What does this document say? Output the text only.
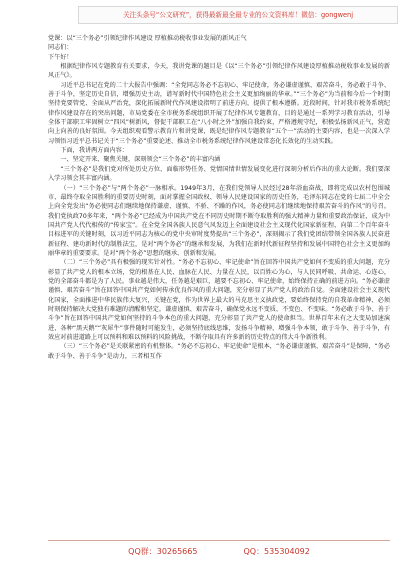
关注头条号“公文研究”，获得最新最全最专业的公文资料库！微信：gongwenj

党课：以“三个务必”引领纪律作风建设 厚植推动税收事业发展的新风正气

同志们：

下午好！

根据纪律作风专题教育有关要求，今天，我讲党课的题目是《以“三个务必”引领纪律作风建设厚植推动税收事业发展的新风正气》。

习近平总书记在党的二十大报告中强调：“全党同志务必不忘初心、牢记使命，务必谦虚谨慎、艰苦奋斗，务必敢于斗争、善于斗争，坚定历史自信，增强历史主动，谱写新时代中国特色社会主义更加绚丽的华章。”“三个务必”为当前和今后一个时期坚持党要管党、全面从严治党，深化拓展新时代作风建设指明了前进方向，提供了根本遵循。近段时间，针对我市税务系统纪律作风建设存在的突出问题，市局党委在全市税务系统组织开展了纪律作风专题教育，目的是通过一系列学习教育活动，引导全体干部职工牢固树立“四风”树新风，督促干部职工在“八小时之外”加强自我约束，严格遵规守纪，积极弘扬新风正气，营造向上向善的良好氛围。今天组织观看警示教育片和讲党课，既是纪律作风专题教育“五个一”活动的主要内容，也是一次深入学习领悟习近平总书记关于“三个务必”重要论述、推动全市税务系统纪律作风建设常态化长效化的生动实践。

下面，我讲两方面内容：

一、坚定开来、聚焦关键，深刻领会“三个务必”的丰富内涵

“三个务必”是我们党对所处历史方位、面临形势任务、党情国情世情发展变化进行深刻分析后作出的重大论断。我们要深入学习领会其丰富内涵。

（一）“三个务必”与“两个务必”一脉相承。1949年3月，在我们党领导人民经过28年浴血奋战，即将完成以农村包围城市、最终夺取全国胜利的重要历史时刻，面对掌握全国政权、领导人民建设国家的历史任务，毛泽东同志在党的七届二中全会上向全党发出“务必使同志们继续地保持谦虚、谨慎、不骄、不躁的作风，务必使同志们继续地保持艰苦奋斗的作风”的号召。我们党执政70多年来，“两个务必”已经成为中国共产党在不同历史时期不断夺取胜利的强大精神力量和重要政治保证，成为中国共产党人代代相传的“传家宝”。在全党全国各族人民意气风发迈上全面建设社会主义现代化国家新征程、向第二个百年奋斗目标进军的关键时刻，以习近平同志为核心的党中央审时度势提出“三个务必”，深刻揭示了我们党团结带领全国各族人民奋进新征程、建功新时代的制胜法宝，是对“两个务必”的继承和发展，为我们在新时代新征程坚持和发展中国特色社会主义更加绚丽华章的重要要求。是对“两个务必”思想的继承、创新和发展。

（二）“三个务必”具有极强的现实针对性。“务必不忘初心、牢记使命”旨在回答中国共产党如何不变质的重大问题，充分彰显了共产党人的根本立场，党的根基在人民、血脉在人民、力量在人民，以百姓心为心，与人民同呼吸、共命运、心连心，党的全部奋斗都是为了人民。事业越是伟大，任务越是艰巨，越要不忘初心、牢记使命，始终保持正确的前进方向。“务必谦虚谨慎、艰苦奋斗”旨在回答中国共产党如何传承优良作风的重大问题，充分彰显了共产党人的政治自觉。全面建设社会主义现代化国家，全面推进中华民族伟大复兴，关键在党，作为世界上最大的马克思主义执政党，要始终保持党的自我革命精神、必须时刻保持解决大党独有难题的清醒和坚定。谦虚谨慎、艰苦奋斗，确保党永远不变质、不变色、不变味。“务必敢于斗争、善于斗争”旨在回答中国共产党如何坚持的斗争本色的重大问题，充分彰显了共产党人的使命担当。世界百年未有之大变局加速演进，各种“黑天鹅”“灰犀牛”事件随时可能发生，必须坚持底线思维，发扬斗争精神，增强斗争本领，敢于斗争、善于斗争，有效应对前进道路上可以预料和难以预料的风险挑战，不断夺取具有许多新的历史特点的伟大斗争新胜利。

（三）“三个务必”是关联紧密的有机整体。“务必不忘初心、牢记使命”是根本，“务必谦虚谨慎、艰苦奋斗”是保障，“务必敢于斗争、善于斗争”是动力，三者相互作

QQ群：30265665	QQ：535304092
